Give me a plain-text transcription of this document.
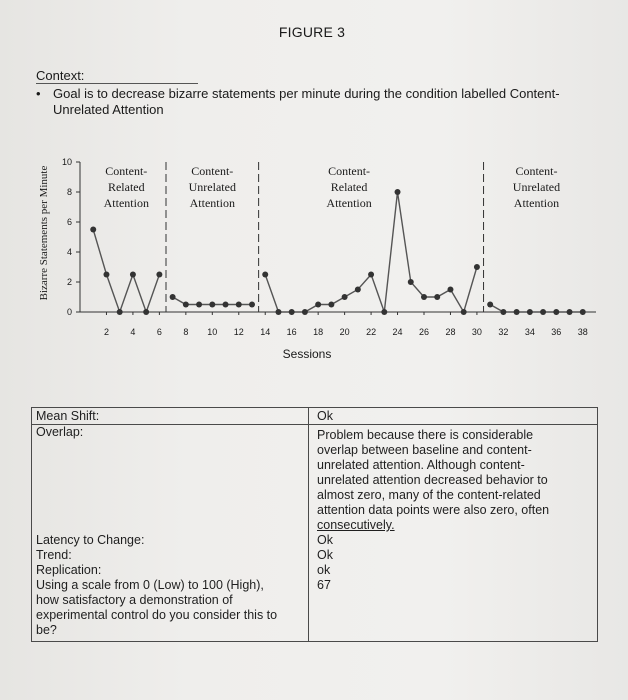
FIGURE 3
Context:
• Goal is to decrease bizarre statements per minute during the condition labelled Content-Unrelated Attention
0
2
4
6
8
10
2 4 6 8 10 12 14 16 18 20 22 24 26 28 30 32 34 36 38
Content-
Related
Attention
Content-
Unrelated
Attention
Content-
Related
Attention
Content-
Unrelated
Attention
Bizarre Statements per Minute
Sessions
Mean Shift:
Overlap:
Ok
Problem because there is considerable
overlap between baseline and content-
unrelated attention. Although content-
unrelated attention decreased behavior to
almost zero, many of the content-related
attention data points were also zero, often
consecutively.
Latency to Change:
Trend:
Replication:
Using a scale from 0 (Low) to 100 (High),
how satisfactory a demonstration of
experimental control do you consider this to
be?
Ok
Ok
ok
67
